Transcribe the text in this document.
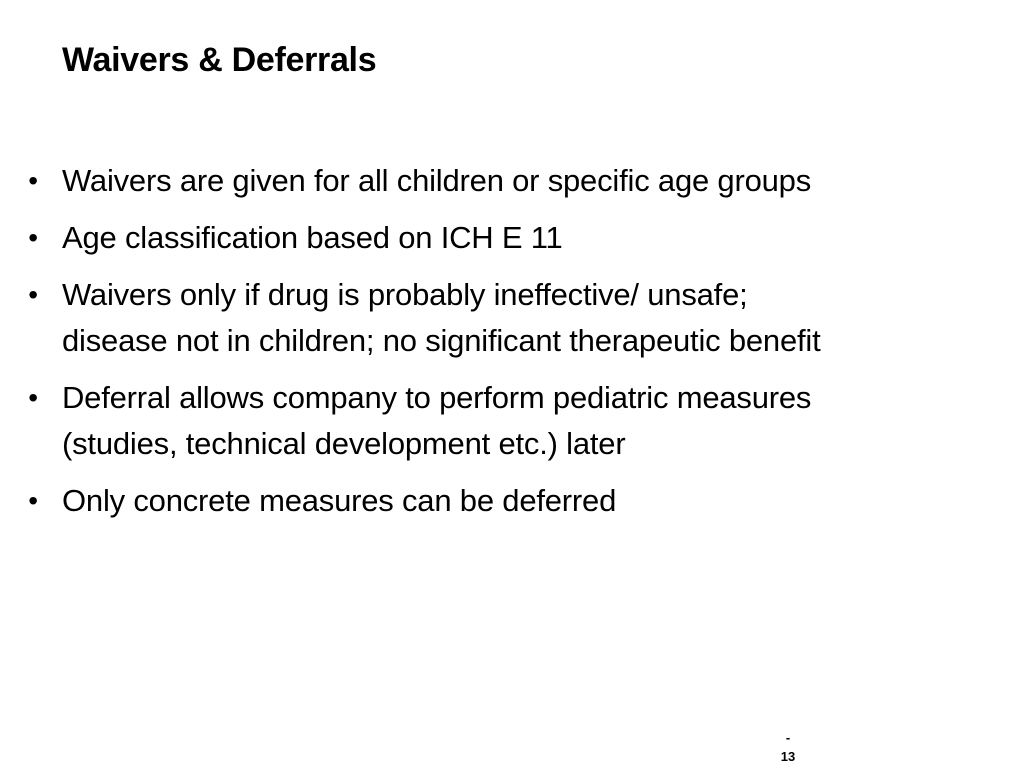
Waivers & Deferrals
• Waivers are given for all children or specific age groups
• Age classification based on ICH E 11
• Waivers only if drug is probably ineffective/ unsafe;
disease not in children; no significant therapeutic benefit
• Deferral allows company to perform pediatric measures
(studies, technical development etc.) later
• Only concrete measures can be deferred
-
13
